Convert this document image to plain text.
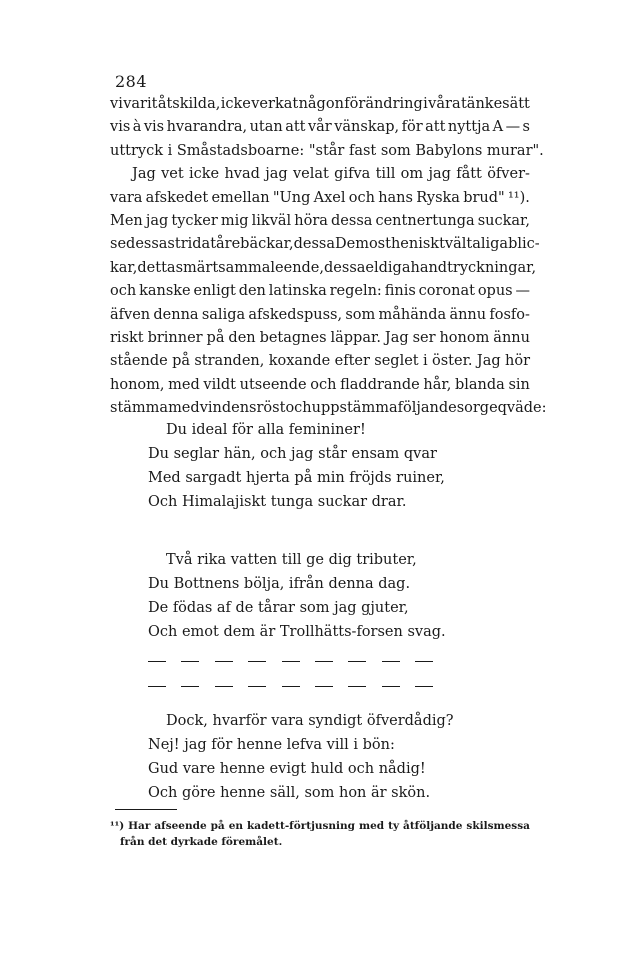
284
vi varit åtskilda, icke verkat någon förändring i våra tänkesätt
vis à vis hvarandra, utan att vår vänskap, för att nyttja A — s
uttryck i Småstadsboarne: "står fast som Babylons murar".
Jag vet icke hvad jag velat gifva till om jag fått öfver-
vara afskedet emellan "Ung Axel och hans Ryska brud" ¹¹).
Men jag tycker mig likväl höra dessa centnertunga suckar,
se dessa strida tårebäckar, dessa Demostheniskt vältaliga blic-
kar, detta smärtsamma leende, dessa eldiga handtryckningar,
och kanske enligt den latinska regeln: finis coronat opus —
äfven denna saliga afskedspuss, som måhända ännu fosfo-
riskt brinner på den betagnes läppar. Jag ser honom ännu
stående på stranden, koxande efter seglet i öster. Jag hör
honom, med vildt utseende och fladdrande hår, blanda sin
stämma med vindens röst och uppstämma följande sorgeqväde:
Du ideal för alla femininer!
Du seglar hän, och jag står ensam qvar
Med sargadt hjerta på min fröjds ruiner,
Och Himalajiskt tunga suckar drar.
Två rika vatten till ge dig tributer,
Du Bottnens bölja, ifrån denna dag.
De födas af de tårar som jag gjuter,
Och emot dem är Trollhätts-forsen svag.
Dock, hvarför vara syndigt öfverdådig?
Nej! jag för henne lefva vill i bön:
Gud vare henne evigt huld och nådig!
Och göre henne säll, som hon är skön.
¹¹) Har afseende på en kadett-förtjusning med ty åtföljande skilsmessa
från det dyrkade föremålet.
